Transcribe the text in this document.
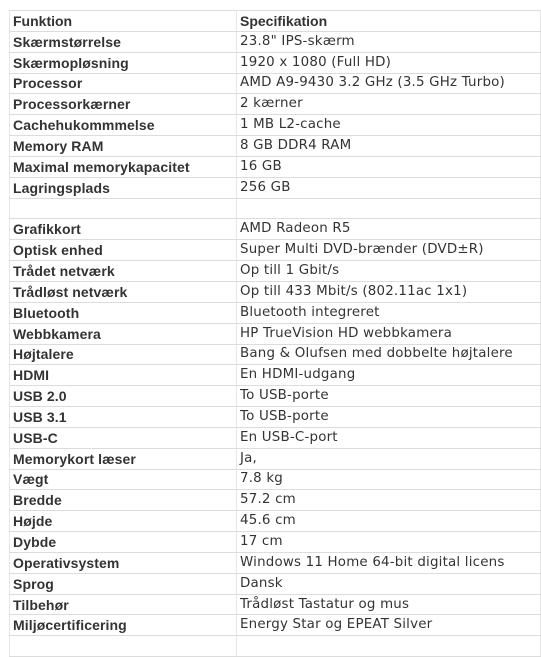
Funktion	Specifikation
Skærmstørrelse	23.8" IPS-skærm
Skærmopløsning	1920 x 1080 (Full HD)
Processor	AMD A9-9430 3.2 GHz (3.5 GHz Turbo)
Processorkærner	2 kærner
Cachehukommmelse	1 MB L2-cache
Memory RAM	8 GB DDR4 RAM
Maximal memorykapacitet	16 GB
Lagringsplads	256 GB

Grafikkort	AMD Radeon R5
Optisk enhed	Super Multi DVD-brænder (DVD±R)
Trådet netværk	Op till 1 Gbit/s
Trådløst netværk	Op till 433 Mbit/s (802.11ac 1x1)
Bluetooth	Bluetooth integreret
Webbkamera	HP TrueVision HD webbkamera
Højtalere	Bang & Olufsen med dobbelte højtalere
HDMI	En HDMI-udgang
USB 2.0	To USB-porte
USB 3.1	To USB-porte
USB-C	En USB-C-port
Memorykort læser	Ja,
Vægt	7.8 kg
Bredde	57.2 cm
Højde	45.6 cm
Dybde	17 cm
Operativsystem	Windows 11 Home 64-bit digital licens
Sprog	Dansk
Tilbehør	Trådløst Tastatur og mus
Miljøcertificering	Energy Star og EPEAT Silver
